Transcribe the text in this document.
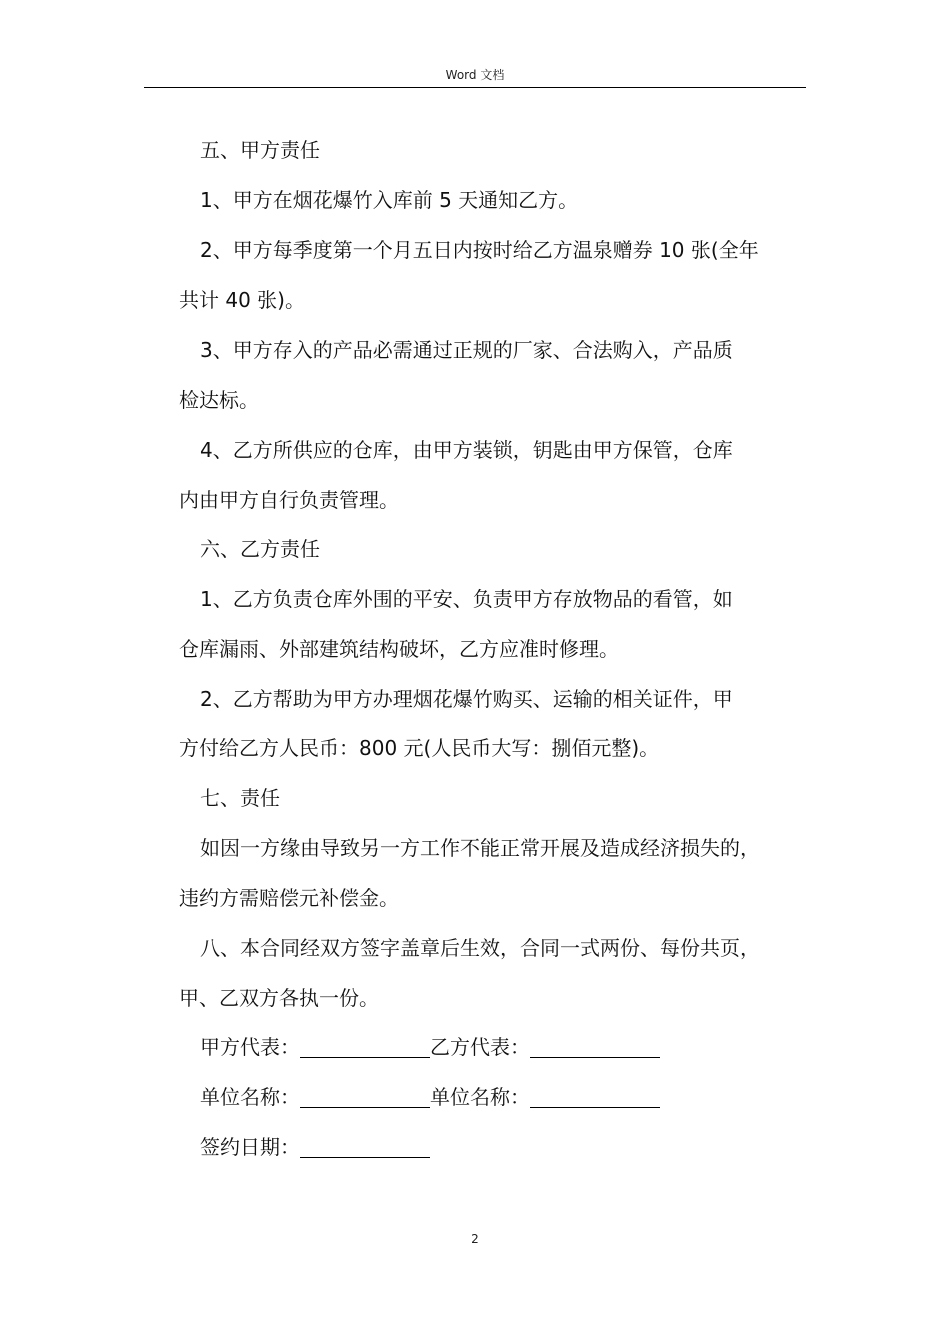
Word 文档
五、甲方责任
1、甲方在烟花爆竹入库前 5 天通知乙方。
2、甲方每季度第一个月五日内按时给乙方温泉赠券 10 张(全年
共计 40 张)。
3、甲方存入的产品必需通过正规的厂家、合法购入，产品质
检达标。
4、乙方所供应的仓库，由甲方装锁，钥匙由甲方保管，仓库
内由甲方自行负责管理。
六、乙方责任
1、乙方负责仓库外围的平安、负责甲方存放物品的看管，如
仓库漏雨、外部建筑结构破坏，乙方应准时修理。
2、乙方帮助为甲方办理烟花爆竹购买、运输的相关证件，甲
方付给乙方人民币：800 元(人民币大写：捌佰元整)。
七、责任
如因一方缘由导致另一方工作不能正常开展及造成经济损失的，
违约方需赔偿元补偿金。
八、本合同经双方签字盖章后生效，合同一式两份、每份共页，
甲、乙双方各执一份。
甲方代表：	乙方代表：
单位名称：	单位名称：
签约日期：
2
